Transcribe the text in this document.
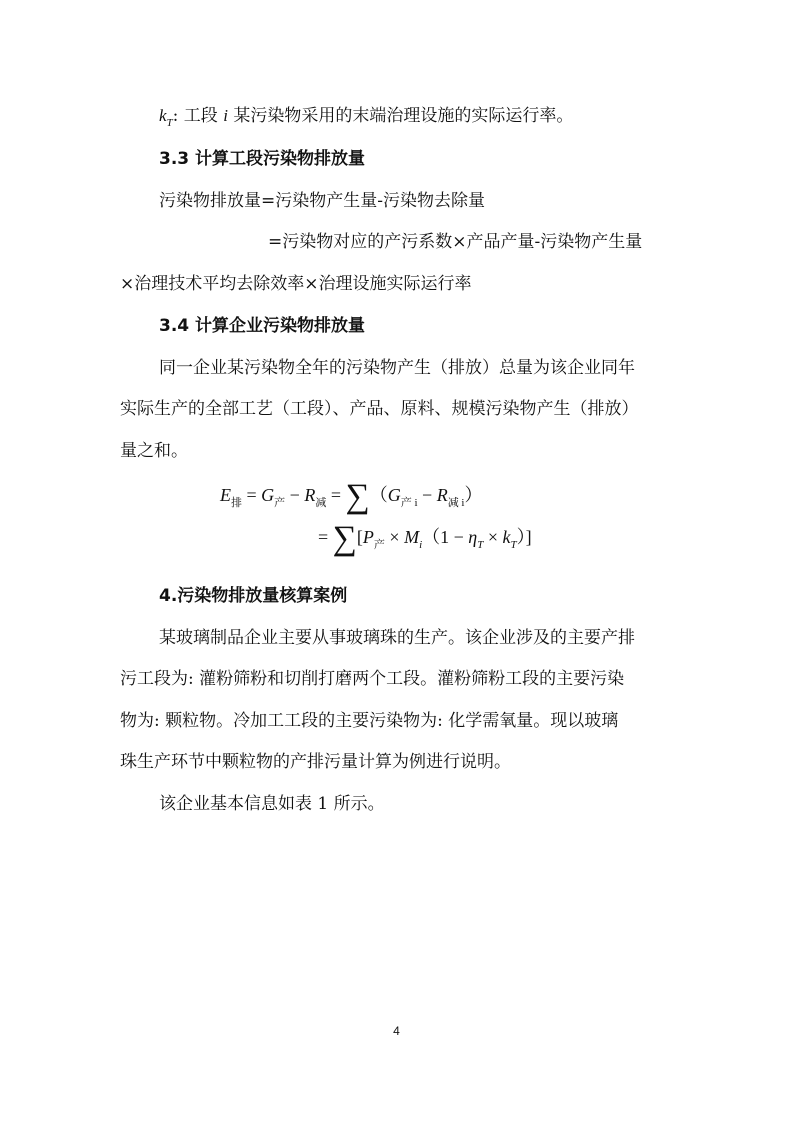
$k_T$: 工段 i 某污染物采用的末端治理设施的实际运行率。
3.3 计算工段污染物排放量
污染物排放量=污染物产生量-污染物去除量
=污染物对应的产污系数×产品产量-污染物产生量
×治理技术平均去除效率×治理设施实际运行率
3.4 计算企业污染物排放量
同一企业某污染物全年的污染物产生（排放）总量为该企业同年
实际生产的全部工艺（工段）、产品、原料、规模污染物产生（排放）
量之和。
$E_排 = G_产 - R_减 = \sum(G_{产 i} - R_{减 i})$
= $\sum[P_产 \times M_i(1 - \eta_T \times k_T)]$
4.污染物排放量核算案例
某玻璃制品企业主要从事玻璃珠的生产。该企业涉及的主要产排
污工段为: 灌粉筛粉和切削打磨两个工段。灌粉筛粉工段的主要污染
物为: 颗粒物。冷加工工段的主要污染物为: 化学需氧量。现以玻璃
珠生产环节中颗粒物的产排污量计算为例进行说明。
该企业基本信息如表 1 所示。
4
